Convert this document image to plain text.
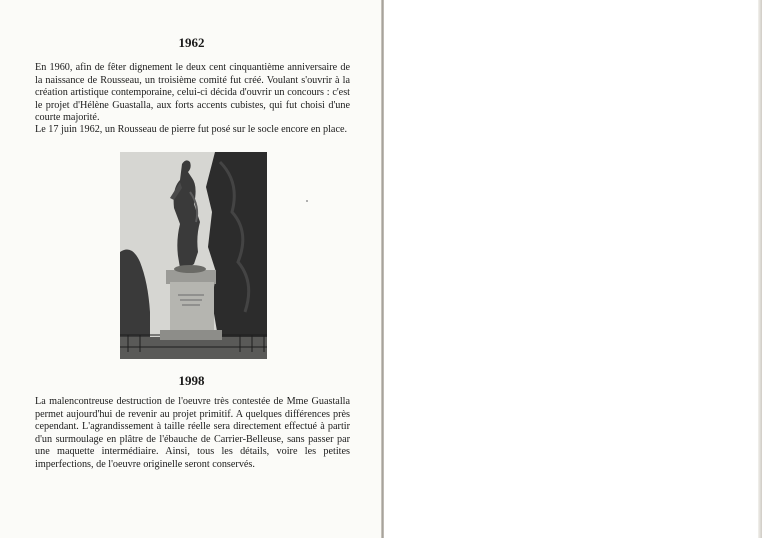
1962

En 1960, afin de fêter dignement le deux cent cinquantième anniversaire de la naissance de Rousseau, un troisième comité fut créé. Voulant s'ouvrir à la création artistique contemporaine, celui-ci décida d'ouvrir un concours : c'est le projet d'Hélène Guastalla, aux forts accents cubistes, qui fut choisi d'une courte majorité.

Le 17 juin 1962, un Rousseau de pierre fut posé sur le socle encore en place.

1998

La malencontreuse destruction de l'oeuvre très contestée de Mme Guastalla permet aujourd'hui de revenir au projet primitif. A quelques différences près cependant. L'agrandissement à taille réelle sera directement effectué à partir d'un surmoulage en plâtre de l'ébauche de Carrier-Belleuse, sans passer par une maquette intermédiaire. Ainsi, tous les détails, voire les petites imperfections, de l'oeuvre originelle seront conservés.
